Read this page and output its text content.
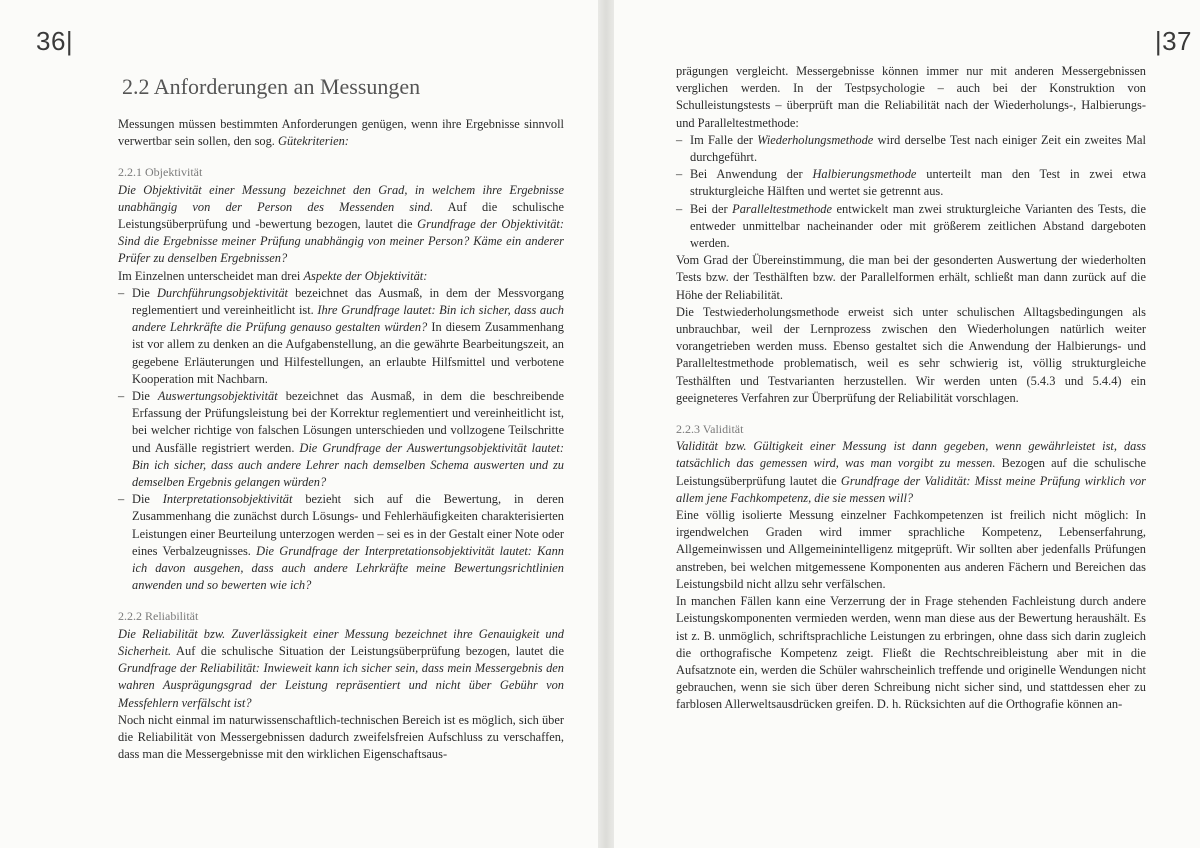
36|
2.2 Anforderungen an Messungen

Messungen müssen bestimmten Anforderungen genügen, wenn ihre Ergebnisse sinnvoll verwertbar sein sollen, den sog. Gütekriterien:

2.2.1 Objektivität

Die Objektivität einer Messung bezeichnet den Grad, in welchem ihre Ergebnisse unabhängig von der Person des Messenden sind. Auf die schulische Leistungsüberprüfung und -bewertung bezogen, lautet die Grundfrage der Objektivität: Sind die Ergebnisse meiner Prüfung unabhängig von meiner Person? Käme ein anderer Prüfer zu denselben Ergebnissen?

Im Einzelnen unterscheidet man drei Aspekte der Objektivität:

– Die Durchführungsobjektivität bezeichnet das Ausmaß, in dem der Messvorgang reglementiert und vereinheitlicht ist. Ihre Grundfrage lautet: Bin ich sicher, dass auch andere Lehrkräfte die Prüfung genauso gestalten würden? In diesem Zusammenhang ist vor allem zu denken an die Aufgabenstellung, an die gewährte Bearbeitungszeit, an gegebene Erläuterungen und Hilfestellungen, an erlaubte Hilfsmittel und verbotene Kooperation mit Nachbarn.
– Die Auswertungsobjektivität bezeichnet das Ausmaß, in dem die beschreibende Erfassung der Prüfungsleistung bei der Korrektur reglementiert und vereinheitlicht ist, bei welcher richtige von falschen Lösungen unterschieden und vollzogene Teilschritte und Ausfälle registriert werden. Die Grundfrage der Auswertungsobjektivität lautet: Bin ich sicher, dass auch andere Lehrer nach demselben Schema auswerten und zu demselben Ergebnis gelangen würden?
– Die Interpretationsobjektivität bezieht sich auf die Bewertung, in deren Zusammenhang die zunächst durch Lösungs- und Fehlerhäufigkeiten charakterisierten Leistungen einer Beurteilung unterzogen werden – sei es in der Gestalt einer Note oder eines Verbalzeugnisses. Die Grundfrage der Interpretationsobjektivität lautet: Kann ich davon ausgehen, dass auch andere Lehrkräfte meine Bewertungsrichtlinien anwenden und so bewerten wie ich?

2.2.2 Reliabilität

Die Reliabilität bzw. Zuverlässigkeit einer Messung bezeichnet ihre Genauigkeit und Sicherheit. Auf die schulische Situation der Leistungsüberprüfung bezogen, lautet die Grundfrage der Reliabilität: Inwieweit kann ich sicher sein, dass mein Messergebnis den wahren Ausprägungsgrad der Leistung repräsentiert und nicht über Gebühr von Messfehlern verfälscht ist?

Noch nicht einmal im naturwissenschaftlich-technischen Bereich ist es möglich, sich über die Reliabilität von Messergebnissen dadurch zweifelsfreien Aufschluss zu verschaffen, dass man die Messergebnisse mit den wirklichen Eigenschaftsaus-

|37

prägungen vergleicht. Messergebnisse können immer nur mit anderen Messergebnissen verglichen werden. In der Testpsychologie – auch bei der Konstruktion von Schulleistungstests – überprüft man die Reliabilität nach der Wiederholungs-, Halbierungs- und Paralleltestmethode:

– Im Falle der Wiederholungsmethode wird derselbe Test nach einiger Zeit ein zweites Mal durchgeführt.
– Bei Anwendung der Halbierungsmethode unterteilt man den Test in zwei etwa strukturgleiche Hälften und wertet sie getrennt aus.
– Bei der Paralleltestmethode entwickelt man zwei strukturgleiche Varianten des Tests, die entweder unmittelbar nacheinander oder mit größerem zeitlichen Abstand dargeboten werden.

Vom Grad der Übereinstimmung, die man bei der gesonderten Auswertung der wiederholten Tests bzw. der Testhälften bzw. der Parallelformen erhält, schließt man dann zurück auf die Höhe der Reliabilität.

Die Testwiederholungsmethode erweist sich unter schulischen Alltagsbedingungen als unbrauchbar, weil der Lernprozess zwischen den Wiederholungen natürlich weiter vorangetrieben werden muss. Ebenso gestaltet sich die Anwendung der Halbierungs- und Paralleltestmethode problematisch, weil es sehr schwierig ist, völlig strukturgleiche Testhälften und Testvarianten herzustellen. Wir werden unten (5.4.3 und 5.4.4) ein geeigneteres Verfahren zur Überprüfung der Reliabilität vorschlagen.

2.2.3 Validität

Validität bzw. Gültigkeit einer Messung ist dann gegeben, wenn gewährleistet ist, dass tatsächlich das gemessen wird, was man vorgibt zu messen. Bezogen auf die schulische Leistungsüberprüfung lautet die Grundfrage der Validität: Misst meine Prüfung wirklich vor allem jene Fachkompetenz, die sie messen will?

Eine völlig isolierte Messung einzelner Fachkompetenzen ist freilich nicht möglich: In irgendwelchen Graden wird immer sprachliche Kompetenz, Lebenserfahrung, Allgemeinwissen und Allgemeinintelligenz mitgeprüft. Wir sollten aber jedenfalls Prüfungen anstreben, bei welchen mitgemessene Komponenten aus anderen Fächern und Bereichen das Leistungsbild nicht allzu sehr verfälschen.

In manchen Fällen kann eine Verzerrung der in Frage stehenden Fachleistung durch andere Leistungskomponenten vermieden werden, wenn man diese aus der Bewertung heraushält. Es ist z. B. unmöglich, schriftsprachliche Leistungen zu erbringen, ohne dass sich darin zugleich die orthografische Kompetenz zeigt. Fließt die Rechtschreibleistung aber mit in die Aufsatznote ein, werden die Schüler wahrscheinlich treffende und originelle Wendungen nicht gebrauchen, wenn sie sich über deren Schreibung nicht sicher sind, und stattdessen eher zu farblosen Allerweltsausdrücken greifen. D. h. Rücksichten auf die Orthografie können an-
